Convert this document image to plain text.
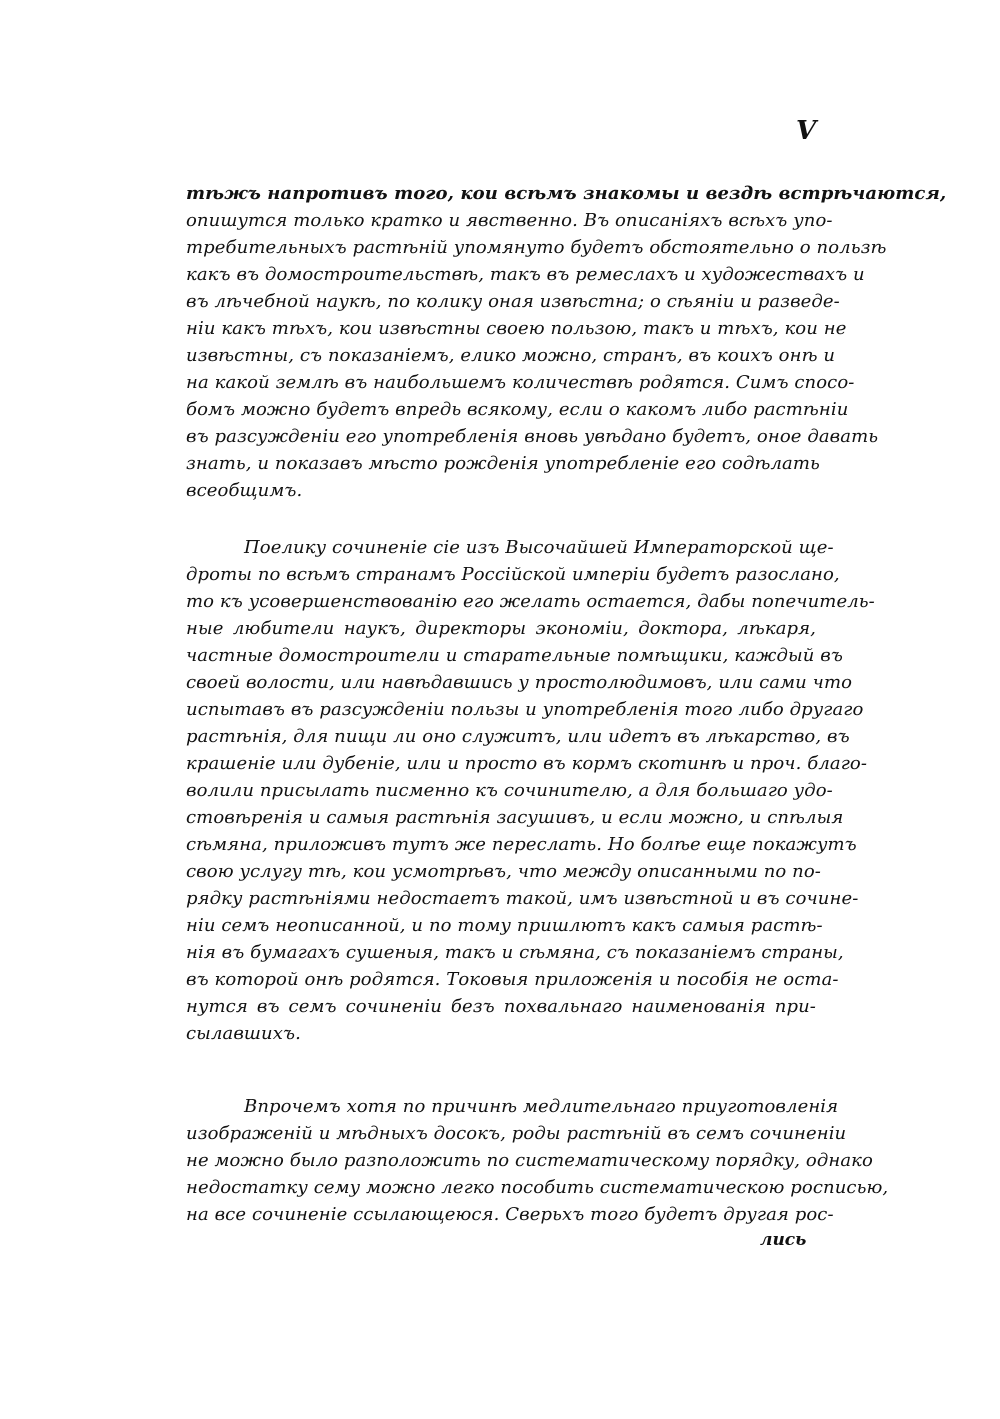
V
тѣжъ напротивъ того, кои всѣмъ знакомы и вездѣ встрѣчаются,
опишутся только кратко и явственно. Въ описаніяхъ всѣхъ упо-
требительныхъ растѣній упомянуто будетъ обстоятельно о пользѣ
какъ въ домостроительствѣ, такъ въ ремеслахъ и художествахъ и
въ лѣчебной наукѣ, по колику оная извѣстна; о сѣяніи и разведе-
ніи какъ тѣхъ, кои извѣстны своею пользою, такъ и тѣхъ, кои не
извѣстны, съ показаніемъ, елико можно, странъ, въ коихъ онѣ и
на какой землѣ въ наибольшемъ количествѣ родятся. Симъ спосо-
бомъ можно будетъ впредь всякому, если о какомъ либо растѣніи
въ разсужденіи его употребленія вновь увѣдано будетъ, оное давать
знать, и показавъ мѣсто рожденія употребленіе его содѣлать
всеобщимъ.
Поелику сочиненіе сіе изъ Высочайшей Императорской ще-
дроты по всѣмъ странамъ Россійской имперіи будетъ разослано,
то къ усовершенствованію его желать остается, дабы попечитель-
ные любители наукъ, директоры экономіи, доктора, лѣкаря,
частные домостроители и старательные помѣщики, каждый въ
своей волости, или навѣдавшись у простолюдимовъ, или сами что
испытавъ въ разсужденіи пользы и употребленія того либо другаго
растѣнія, для пищи ли оно служитъ, или идетъ въ лѣкарство, въ
крашеніе или дубеніе, или и просто въ кормъ скотинѣ и проч. благо-
волили присылать писменно къ сочинителю, а для большаго удо-
стовѣренія и самыя растѣнія засушивъ, и если можно, и спѣлыя
сѣмяна, приложивъ тутъ же переслать. Но болѣе еще покажутъ
свою услугу тѣ, кои усмотрѣвъ, что между описанными по по-
рядку растѣніями недостаетъ такой, имъ извѣстной и въ сочине-
ніи семъ неописанной, и по тому пришлютъ какъ самыя растѣ-
нія въ бумагахъ сушеныя, такъ и сѣмяна, съ показаніемъ страны,
въ которой онѣ родятся. Токовыя приложенія и пособія не оста-
нутся въ семъ сочиненіи безъ похвальнаго наименованія при-
сылавшихъ.
Впрочемъ хотя по причинѣ медлительнаго приуготовленія
изображеній и мѣдныхъ досокъ, роды растѣній въ семъ сочиненіи
не можно было разположить по систематическому порядку, однако
недостатку сему можно легко пособить систематическою росписью,
на все сочиненіе ссылающеюся. Сверьхъ того будетъ другая рос-
лись
